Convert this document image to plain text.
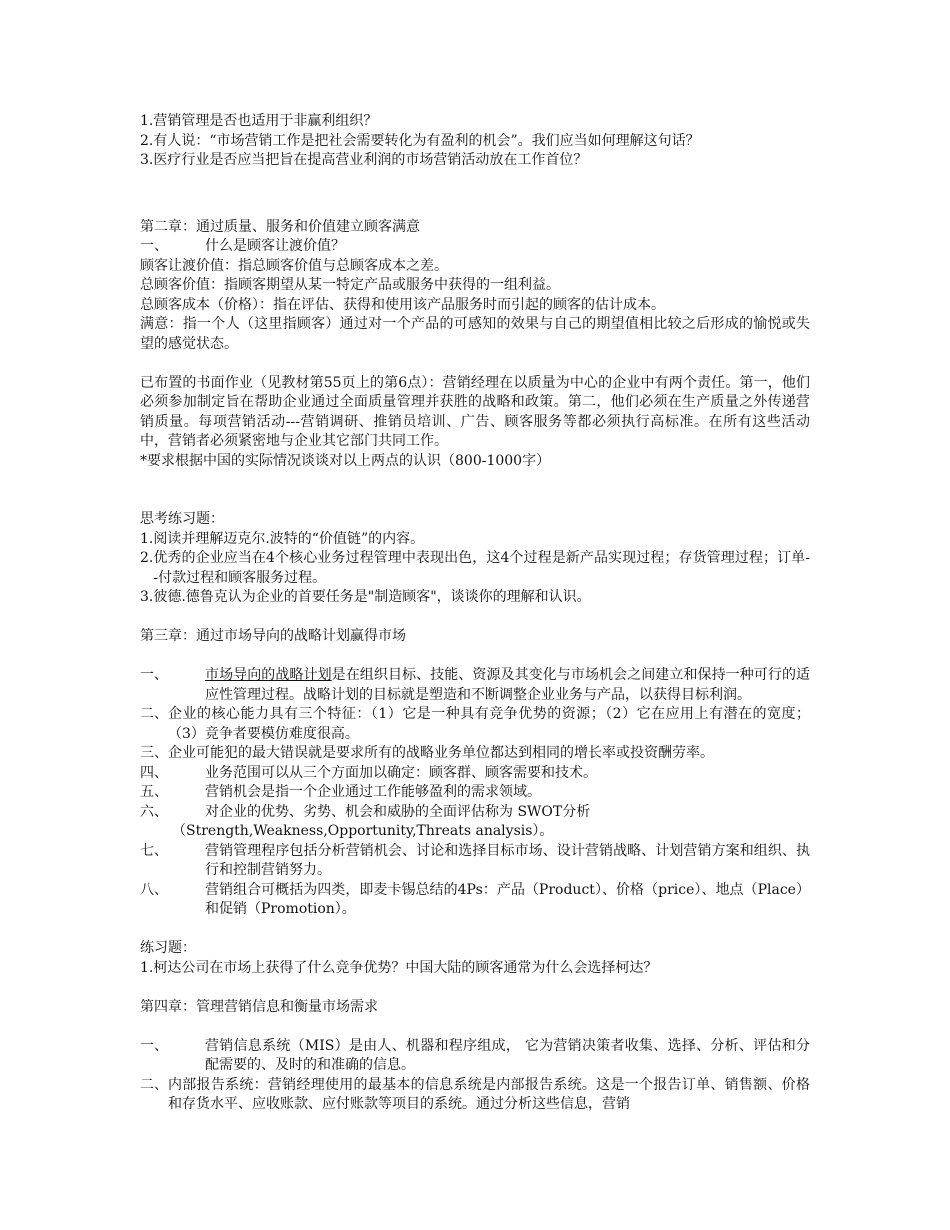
1.营销管理是否也适用于非赢利组织？
2.有人说：“市场营销工作是把社会需要转化为有盈利的机会”。我们应当如何理解这句话？
3.医疗行业是否应当把旨在提高营业利润的市场营销活动放在工作首位？
第二章：通过质量、服务和价值建立顾客满意
一、	什么是顾客让渡价值？
顾客让渡价值：指总顾客价值与总顾客成本之差。
总顾客价值：指顾客期望从某一特定产品或服务中获得的一组利益。
总顾客成本（价格）：指在评估、获得和使用该产品服务时而引起的顾客的估计成本。
满意：指一个人（这里指顾客）通过对一个产品的可感知的效果与自己的期望值相比较之后形成的愉悦或失望的感觉状态。
已布置的书面作业（见教材第55页上的第6点）：营销经理在以质量为中心的企业中有两个责任。第一，他们必须参加制定旨在帮助企业通过全面质量管理并获胜的战略和政策。第二，他们必须在生产质量之外传递营销质量。每项营销活动---营销调研、推销员培训、广告、顾客服务等都必须执行高标准。在所有这些活动中，营销者必须紧密地与企业其它部门共同工作。
*要求根据中国的实际情况谈谈对以上两点的认识（800-1000字）
思考练习题：
1. 阅读并理解迈克尔.波特的“价值链”的内容。
2. 优秀的企业应当在4个核心业务过程管理中表现出色，这4个过程是新产品实现过程；存货管理过程；订单--付款过程和顾客服务过程。
3. 彼德.德鲁克认为企业的首要任务是"制造顾客"，谈谈你的理解和认识。
第三章：通过市场导向的战略计划赢得市场
一、	市场导向的战略计划是在组织目标、技能、资源及其变化与市场机会之间建立和保持一种可行的适应性管理过程。战略计划的目标就是塑造和不断调整企业业务与产品，以获得目标利润。
二、 企业的核心能力具有三个特征：（1）它是一种具有竞争优势的资源；（2）它在应用上有潜在的宽度；（3）竞争者要模仿难度很高。
三、 企业可能犯的最大错误就是要求所有的战略业务单位都达到相同的增长率或投资酬劳率。
四、	业务范围可以从三个方面加以确定：顾客群、顾客需要和技术。
五、	营销机会是指一个企业通过工作能够盈利的需求领域。
六、	对企业的优势、劣势、机会和威胁的全面评估称为 SWOT分析
（Strength,Weakness,Opportunity,Threats analysis）。
七、	营销管理程序包括分析营销机会、讨论和选择目标市场、设计营销战略、计划营销方案和组织、执行和控制营销努力。
八、	营销组合可概括为四类，即麦卡锡总结的4Ps：产品（Product）、价格（price）、地点（Place）和促销（Promotion）。
练习题：
1.柯达公司在市场上获得了什么竞争优势？中国大陆的顾客通常为什么会选择柯达？
第四章：管理营销信息和衡量市场需求
一、	营销信息系统（MIS）是由人、机器和程序组成， 它为营销决策者收集、选择、分析、评估和分配需要的、及时的和准确的信息。
二、 内部报告系统：营销经理使用的最基本的信息系统是内部报告系统。这是一个报告订单、销售额、价格和存货水平、应收账款、应付账款等项目的系统。通过分析这些信息，营销
